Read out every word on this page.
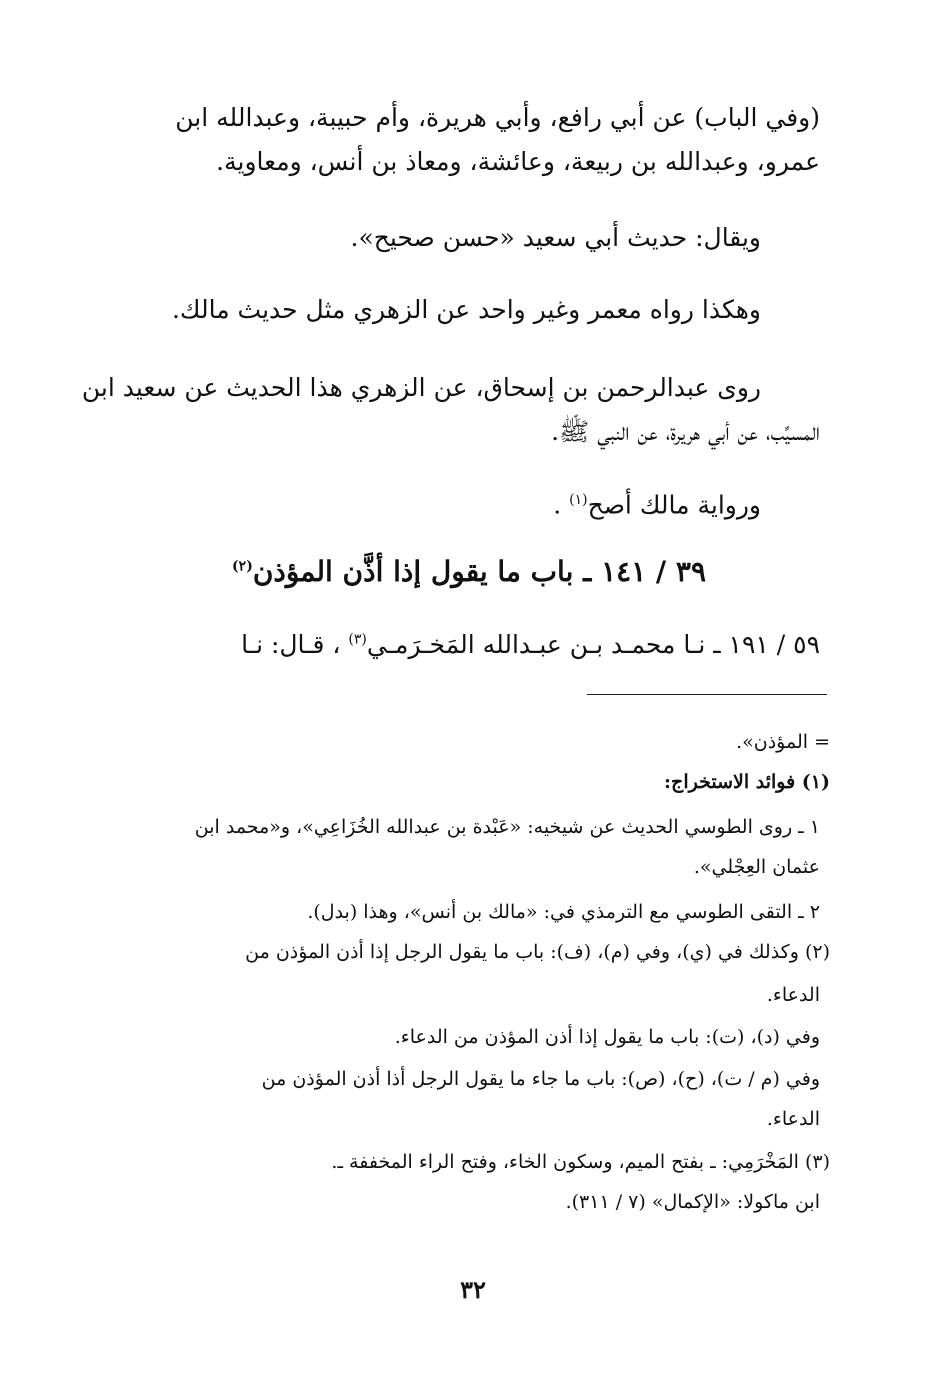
(وفي الباب) عن أبي رافع، وأبي هريرة، وأم حبيبة، وعبدالله ابن
عمرو، وعبدالله بن ربيعة، وعائشة، ومعاذ بن أنس، ومعاوية.

ويقال: حديث أبي سعيد «حسن صحيح».

وهكذا رواه معمر وغير واحد عن الزهري مثل حديث مالك.

روى عبدالرحمن بن إسحاق، عن الزهري هذا الحديث عن سعيد ابن
المسيِّب، عن أبي هريرة، عن النبي ﷺ.

ورواية مالك أصح$^{(١)}$ .

٣٩ / ١٤١ ـ باب ما يقول إذا أذَّن المؤذن$^{(٢)}$
٥٩ / ١٩١ ـ نـا محمـد بـن عبـدالله المَخـرَمـي$^{(٣)}$ ، قـال: نـا
= المؤذن».
(١) فوائد الاستخراج:
١ ـ روى الطوسي الحديث عن شيخيه: «عَبْدة بن عبدالله الخُزَاعِي»، و«محمد ابن
عثمان العِجْلي».
٢ ـ التقى الطوسي مع الترمذي في: «مالك بن أنس»، وهذا (بدل).
(٢) وكذلك في (ي)، وفي (م)، (ف): باب ما يقول الرجل إذا أذن المؤذن من
الدعاء.
وفي (د)، (ت): باب ما يقول إذا أذن المؤذن من الدعاء.
وفي (م / ت)، (ح)، (ص): باب ما جاء ما يقول الرجل أذا أذن المؤذن من
الدعاء.
(٣) المَخْرَمِي: ـ بفتح الميم، وسكون الخاء، وفتح الراء المخففة ـ.
ابن ماكولا: «الإكمال» (٧ / ٣١١).
٣٢
